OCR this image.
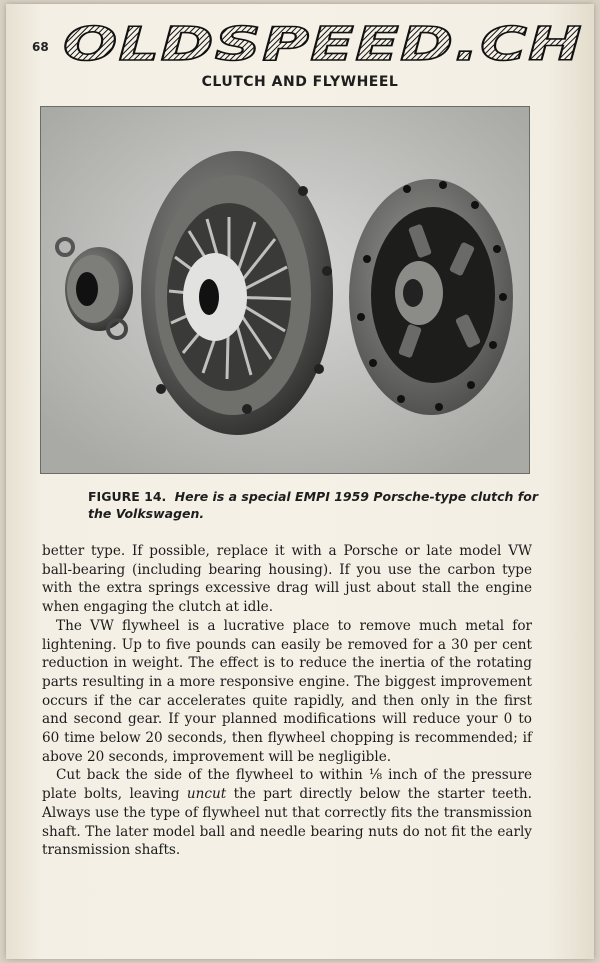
68 OLDSPEED.CH
CLUTCH AND FLYWHEEL
FIGURE 14. Here is a special EMPI 1959 Porsche-type clutch for the Volkswagen.

better type. If possible, replace it with a Porsche or late model VW ball-bearing (including bearing housing). If you use the carbon type with the extra springs excessive drag will just about stall the engine when engaging the clutch at idle.

The VW flywheel is a lucrative place to remove much metal for lightening. Up to five pounds can easily be removed for a 30 per cent reduction in weight. The effect is to reduce the inertia of the rotating parts resulting in a more responsive engine. The biggest improvement occurs if the car accelerates quite rapidly, and then only in the first and second gear. If your planned modifications will reduce your 0 to 60 time below 20 seconds, then flywheel chopping is recommended; if above 20 seconds, improvement will be negligible.

Cut back the side of the flywheel to within ⅛ inch of the pressure plate bolts, leaving uncut the part directly below the starter teeth. Always use the type of flywheel nut that correctly fits the transmission shaft. The later model ball and needle bearing nuts do not fit the early transmission shafts.
